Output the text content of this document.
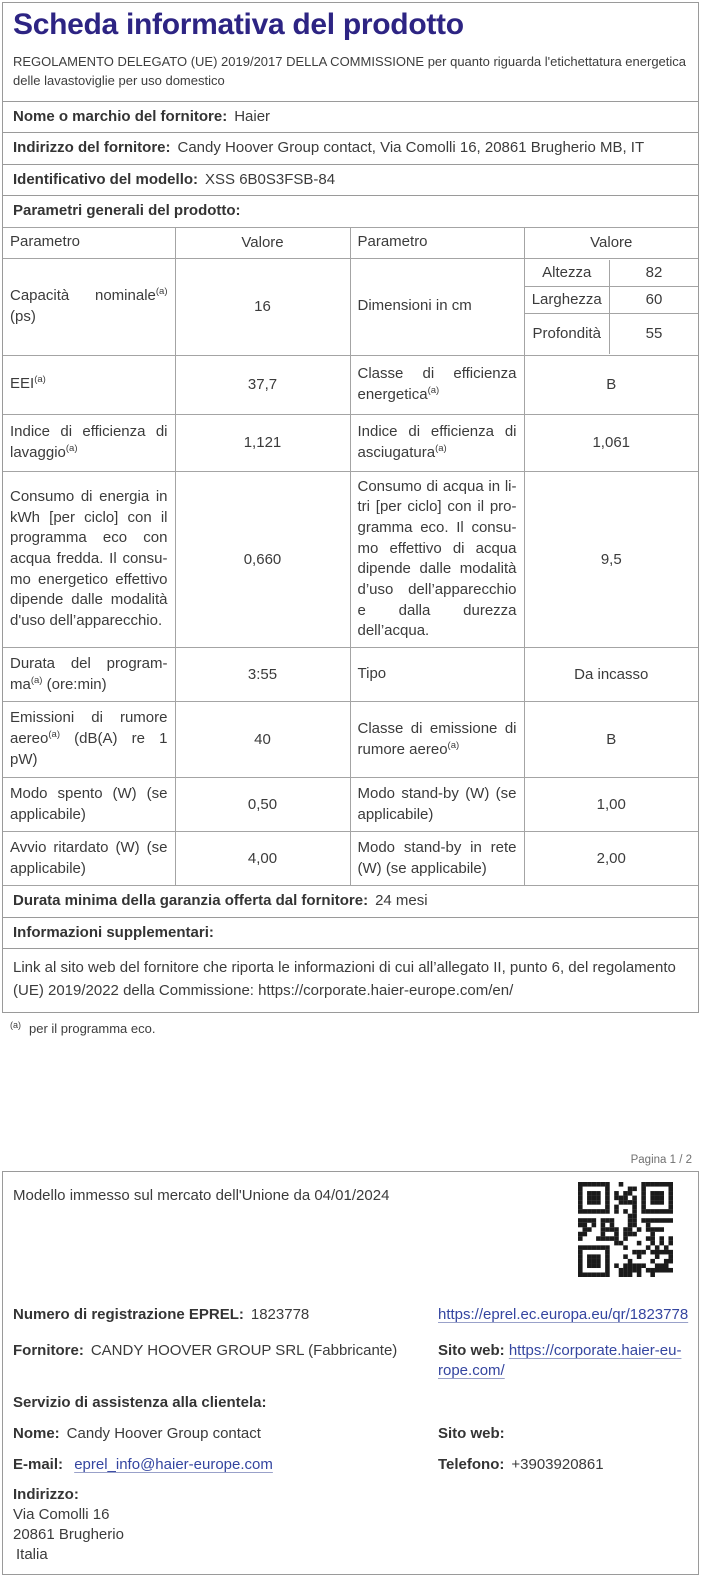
Scheda informativa del prodotto
REGOLAMENTO DELEGATO (UE) 2019/2017 DELLA COMMISSIONE per quanto riguarda l'etichettatura energetica delle lavastoviglie per uso domestico
Nome o marchio del fornitore: Haier
Indirizzo del fornitore: Candy Hoover Group contact, Via Comolli 16, 20861 Brugherio MB, IT
Identificativo del modello: XSS 6B0S3FSB-84
Parametri generali del prodotto:
Parametro	Valore	Parametro	Valore
Capacità nominale$^{(a)}$ (ps)	16	Dimensioni in cm	
Altezza	82
Larghezza	60
Profondità	55

EEI$^{(a)}$	37,7	Classe di efficienza energetica$^{(a)}$	B
Indice di efficienza di lavaggio$^{(a)}$	1,121	Indice di efficienza di asciugatura$^{(a)}$	1,061
Consumo di energia in kWh [per ciclo] con il programma eco con acqua fredda. Il consumo energetico effettivo dipende dalle modalità d'uso dell’apparecchio.	0,660	Consumo di acqua in litri [per ciclo] con il programma eco. Il consumo effettivo di acqua dipende dalle modalità d’uso dell’apparecchio e dalla durezza dell’acqua.	9,5
Durata del programma$^{(a)}$ (ore:min)	3:55	Tipo	Da incasso
Emissioni di rumore aereo$^{(a)}$ (dB(A) re 1 pW)	40	Classe di emissione di rumore aereo$^{(a)}$	B
Modo spento (W) (se applicabile)	0,50	Modo stand-by (W) (se applicabile)	1,00
Avvio ritardato (W) (se applicabile)	4,00	Modo stand-by in rete (W) (se applicabile)	2,00
Durata minima della garanzia offerta dal fornitore: 24 mesi
Informazioni supplementari:
Link al sito web del fornitore che riporta le informazioni di cui all’allegato II, punto 6, del regolamento (UE) 2019/2022 della Commissione: https://corporate.haier-europe.com/en/
$^{(a)}$ per il programma eco.
Pagina 1 / 2
Modello immesso sul mercato dell'Unione da 04/01/2024
Numero di registrazione EPREL: 1823778	https://eprel.ec.europa.eu/qr/1823778
Fornitore: CANDY HOOVER GROUP SRL (Fabbricante)	Sito web: https://corporate.haier-europe.com/
Servizio di assistenza alla clientela:
Nome: Candy Hoover Group contact	Sito web:
E-mail: eprel_info@haier-europe.com	Telefono: +3903920861
Indirizzo:
Via Comolli 16
20861 Brugherio
Italia
